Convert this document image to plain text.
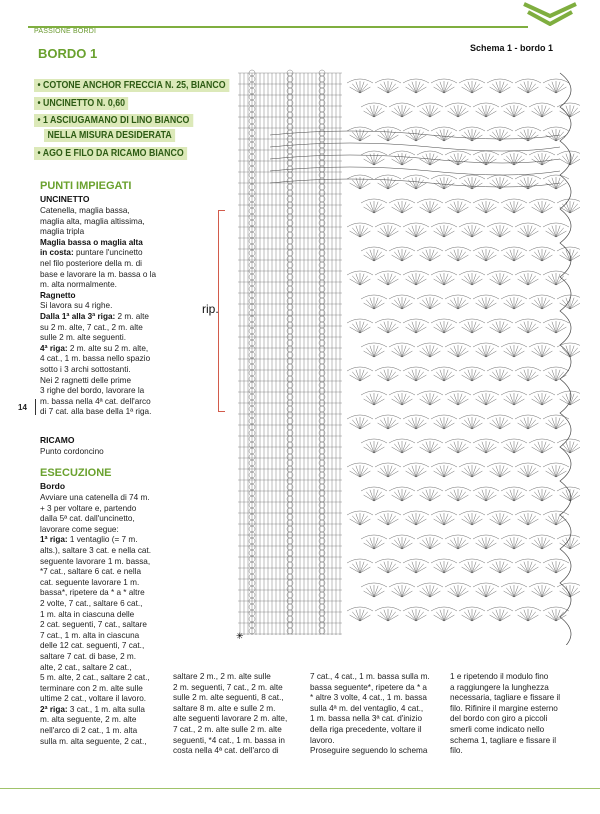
PASSIONE BORDI
BORDO 1	Schema 1 - bordo 1
• COTONE ANCHOR FRECCIA N. 25, BIANCO
• UNCINETTO N. 0,60
• 1 ASCIUGAMANO DI LINO BIANCO
NELLA MISURA DESIDERATA
• AGO E FILO DA RICAMO BIANCO
PUNTI IMPIEGATI
UNCINETTO
Catenella, maglia bassa,
maglia alta, maglia altissima,
maglia tripla
Maglia bassa o maglia alta
in costa: puntare l'uncinetto
nel filo posteriore della m. di
base e lavorare la m. bassa o la
m. alta normalmente.
Ragnetto
Si lavora su 4 righe.
Dalla 1ª alla 3ª riga: 2 m. alte
su 2 m. alte, 7 cat., 2 m. alte
sulle 2 m. alte seguenti.
4ª riga: 2 m. alte su 2 m. alte,
4 cat., 1 m. bassa nello spazio
sotto i 3 archi sottostanti.
Nei 2 ragnetti delle prime
3 righe del bordo, lavorare la
m. bassa nella 4ª cat. dell'arco
di 7 cat. alla base della 1ª riga.
14
RICAMO
Punto cordoncino
ESECUZIONE
Bordo
Avviare una catenella di 74 m.
+ 3 per voltare e, partendo
dalla 5ª cat. dall'uncinetto,
lavorare come segue:
1ª riga: 1 ventaglio (= 7 m.
alts.), saltare 3 cat. e nella cat.
seguente lavorare 1 m. bassa,
*7 cat., saltare 6 cat. e nella
cat. seguente lavorare 1 m.
bassa*, ripetere da * a * altre
2 volte, 7 cat., saltare 6 cat.,
1 m. alta in ciascuna delle
2 cat. seguenti, 7 cat., saltare
7 cat., 1 m. alta in ciascuna
delle 12 cat. seguenti, 7 cat.,
saltare 7 cat. di base, 2 m.
alte, 2 cat., saltare 2 cat.,
5 m. alte, 2 cat., saltare 2 cat.,
terminare con 2 m. alte sulle
ultime 2 cat., voltare il lavoro.
2ª riga: 3 cat., 1 m. alta sulla
m. alta seguente, 2 m. alte
nell'arco di 2 cat., 1 m. alta
sulla m. alta seguente, 2 cat.,
saltare 2 m., 2 m. alte sulle
2 m. seguenti, 7 cat., 2 m. alte
sulle 2 m. alte seguenti, 8 cat.,
saltare 8 m. alte e sulle 2 m.
alte seguenti lavorare 2 m. alte,
7 cat., 2 m. alte sulle 2 m. alte
seguenti, *4 cat., 1 m. bassa in
costa nella 4ª cat. dell'arco di
7 cat., 4 cat., 1 m. bassa sulla m.
bassa seguente*, ripetere da * a
* altre 3 volte, 4 cat., 1 m. bassa
sulla 4ª m. del ventaglio, 4 cat.,
1 m. bassa nella 3ª cat. d'inizio
della riga precedente, voltare il
lavoro.
Proseguire seguendo lo schema
1 e ripetendo il modulo fino
a raggiungere la lunghezza
necessaria, tagliare e fissare il
filo. Rifinire il margine esterno
del bordo con giro a piccoli
smerli come indicato nello
schema 1, tagliare e fissare il
filo.
rip.
✳
